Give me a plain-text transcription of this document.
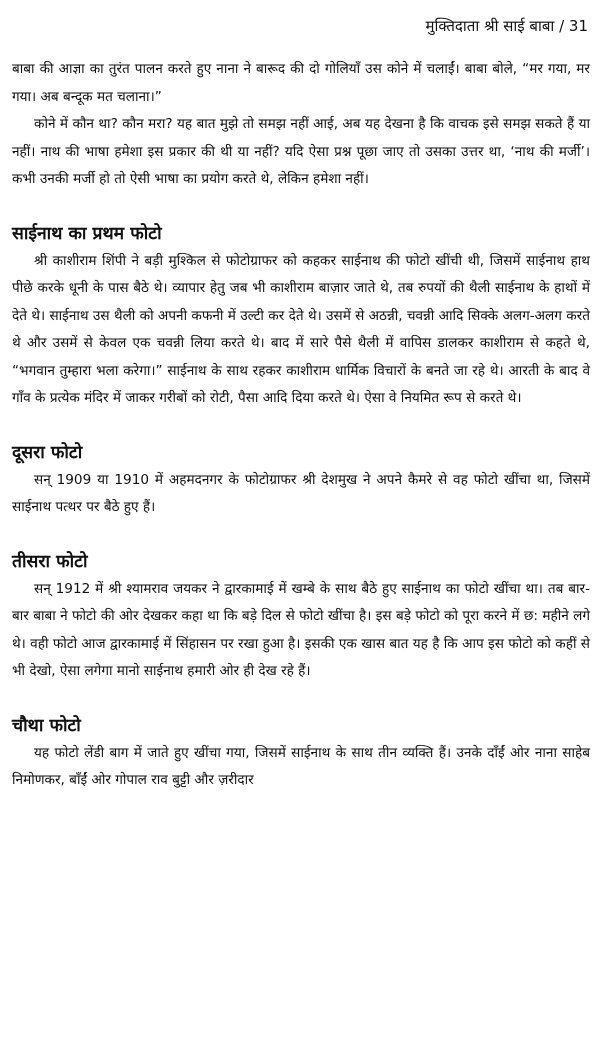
मुक्तिदाता श्री साई बाबा / 31

बाबा की आज्ञा का तुरंत पालन करते हुए नाना ने बारूद की दो गोलियाँ उस कोने में चलाईं। बाबा बोले, “मर गया, मर गया। अब बन्दूक मत चलाना।”

कोने में कौन था? कौन मरा? यह बात मुझे तो समझ नहीं आई, अब यह देखना है कि वाचक इसे समझ सकते हैं या नहीं। नाथ की भाषा हमेशा इस प्रकार की थी या नहीं? यदि ऐसा प्रश्न पूछा जाए तो उसका उत्तर था, ‘नाथ की मर्जी’। कभी उनकी मर्जी हो तो ऐसी भाषा का प्रयोग करते थे, लेकिन हमेशा नहीं।

साईनाथ का प्रथम फोटो

श्री काशीराम शिंपी ने बड़ी मुश्किल से फोटोग्राफर को कहकर साईनाथ की फोटो खींची थी, जिसमें साईनाथ हाथ पीछे करके धूनी के पास बैठे थे। व्यापार हेतु जब भी काशीराम बाज़ार जाते थे, तब रुपयों की थैली साईनाथ के हाथों में देते थे। साईनाथ उस थैली को अपनी कफनी में उल्टी कर देते थे। उसमें से अठन्नी, चवन्नी आदि सिक्के अलग-अलग करते थे और उसमें से केवल एक चवन्नी लिया करते थे। बाद में सारे पैसे थैली में वापिस डालकर काशीराम से कहते थे, “भगवान तुम्हारा भला करेगा।” साईनाथ के साथ रहकर काशीराम धार्मिक विचारों के बनते जा रहे थे। आरती के बाद वे गाँव के प्रत्येक मंदिर में जाकर गरीबों को रोटी, पैसा आदि दिया करते थे। ऐसा वे नियमित रूप से करते थे।

दूसरा फोटो

सन् 1909 या 1910 में अहमदनगर के फोटोग्राफर श्री देशमुख ने अपने कैमरे से वह फोटो खींचा था, जिसमें साईनाथ पत्थर पर बैठे हुए हैं।

तीसरा फोटो

सन् 1912 में श्री श्यामराव जयकर ने द्वारकामाई में खम्बे के साथ बैठे हुए साईनाथ का फोटो खींचा था। तब बार-बार बाबा ने फोटो की ओर देखकर कहा था कि बड़े दिल से फोटो खींचा है। इस बड़े फोटो को पूरा करने में छ: महीने लगे थे। वही फोटो आज द्वारकामाई में सिंहासन पर रखा हुआ है। इसकी एक खास बात यह है कि आप इस फोटो को कहीं से भी देखो, ऐसा लगेगा मानो साईनाथ हमारी ओर ही देख रहे हैं।

चौथा फोटो

यह फोटो लेंडी बाग में जाते हुए खींचा गया, जिसमें साईनाथ के साथ तीन व्यक्ति हैं। उनके दाँईं ओर नाना साहेब निमोणकर, बाँईं ओर गोपाल राव बुट्टी और ज़रीदार
